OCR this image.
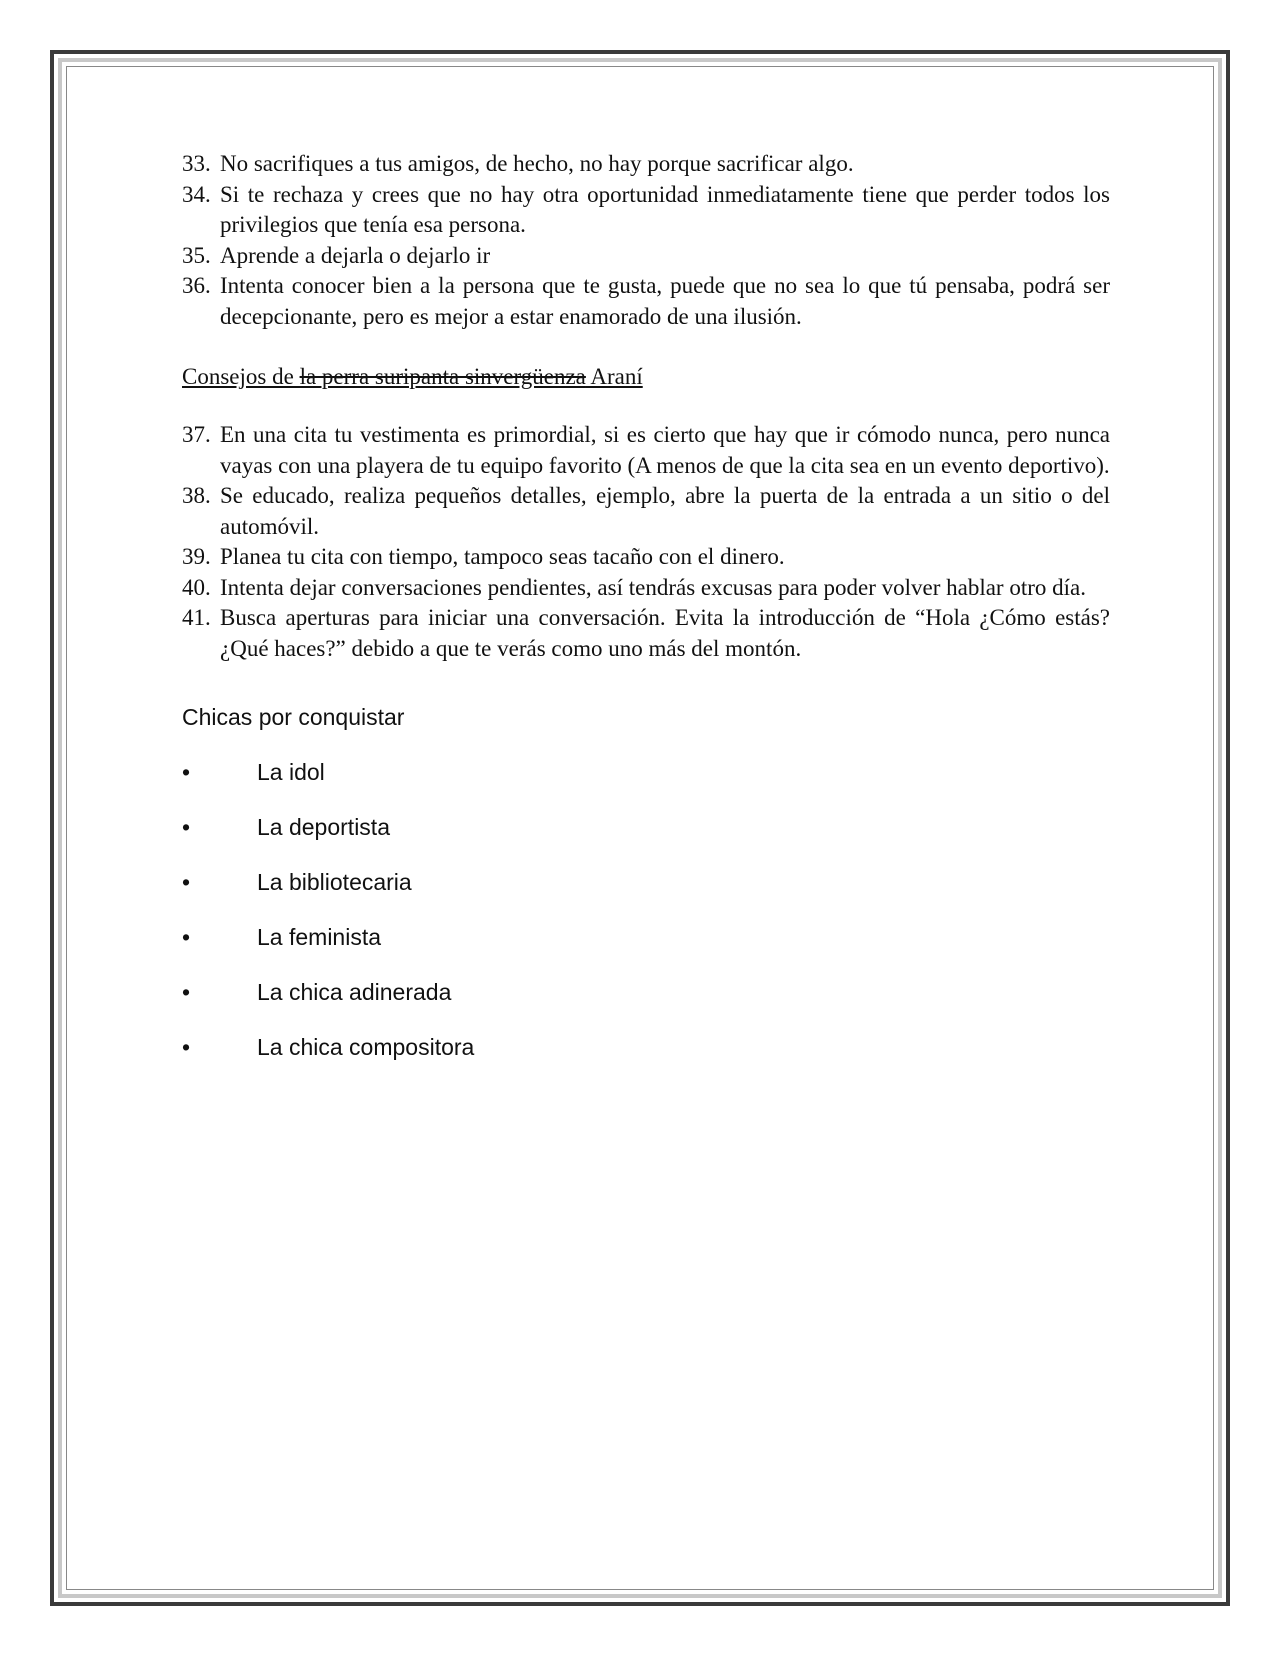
33. No sacrifiques a tus amigos, de hecho, no hay porque sacrificar algo.
34. Si te rechaza y crees que no hay otra oportunidad inmediatamente tiene que perder todos los privilegios que tenía esa persona.
35. Aprende a dejarla o dejarlo ir
36. Intenta conocer bien a la persona que te gusta, puede que no sea lo que tú pensaba, podrá ser decepcionante, pero es mejor a estar enamorado de una ilusión.
Consejos de la perra suripanta sinvergüenza Araní
37. En una cita tu vestimenta es primordial, si es cierto que hay que ir cómodo nunca, pero nunca vayas con una playera de tu equipo favorito (A menos de que la cita sea en un evento deportivo).
38. Se educado, realiza pequeños detalles, ejemplo, abre la puerta de la entrada a un sitio o del automóvil.
39. Planea tu cita con tiempo, tampoco seas tacaño con el dinero.
40. Intenta dejar conversaciones pendientes, así tendrás excusas para poder volver hablar otro día.
41. Busca aperturas para iniciar una conversación. Evita la introducción de “Hola ¿Cómo estás? ¿Qué haces?” debido a que te verás como uno más del montón.
Chicas por conquistar
•	La idol
•	La deportista
•	La bibliotecaria
•	La feminista
•	La chica adinerada
•	La chica compositora
